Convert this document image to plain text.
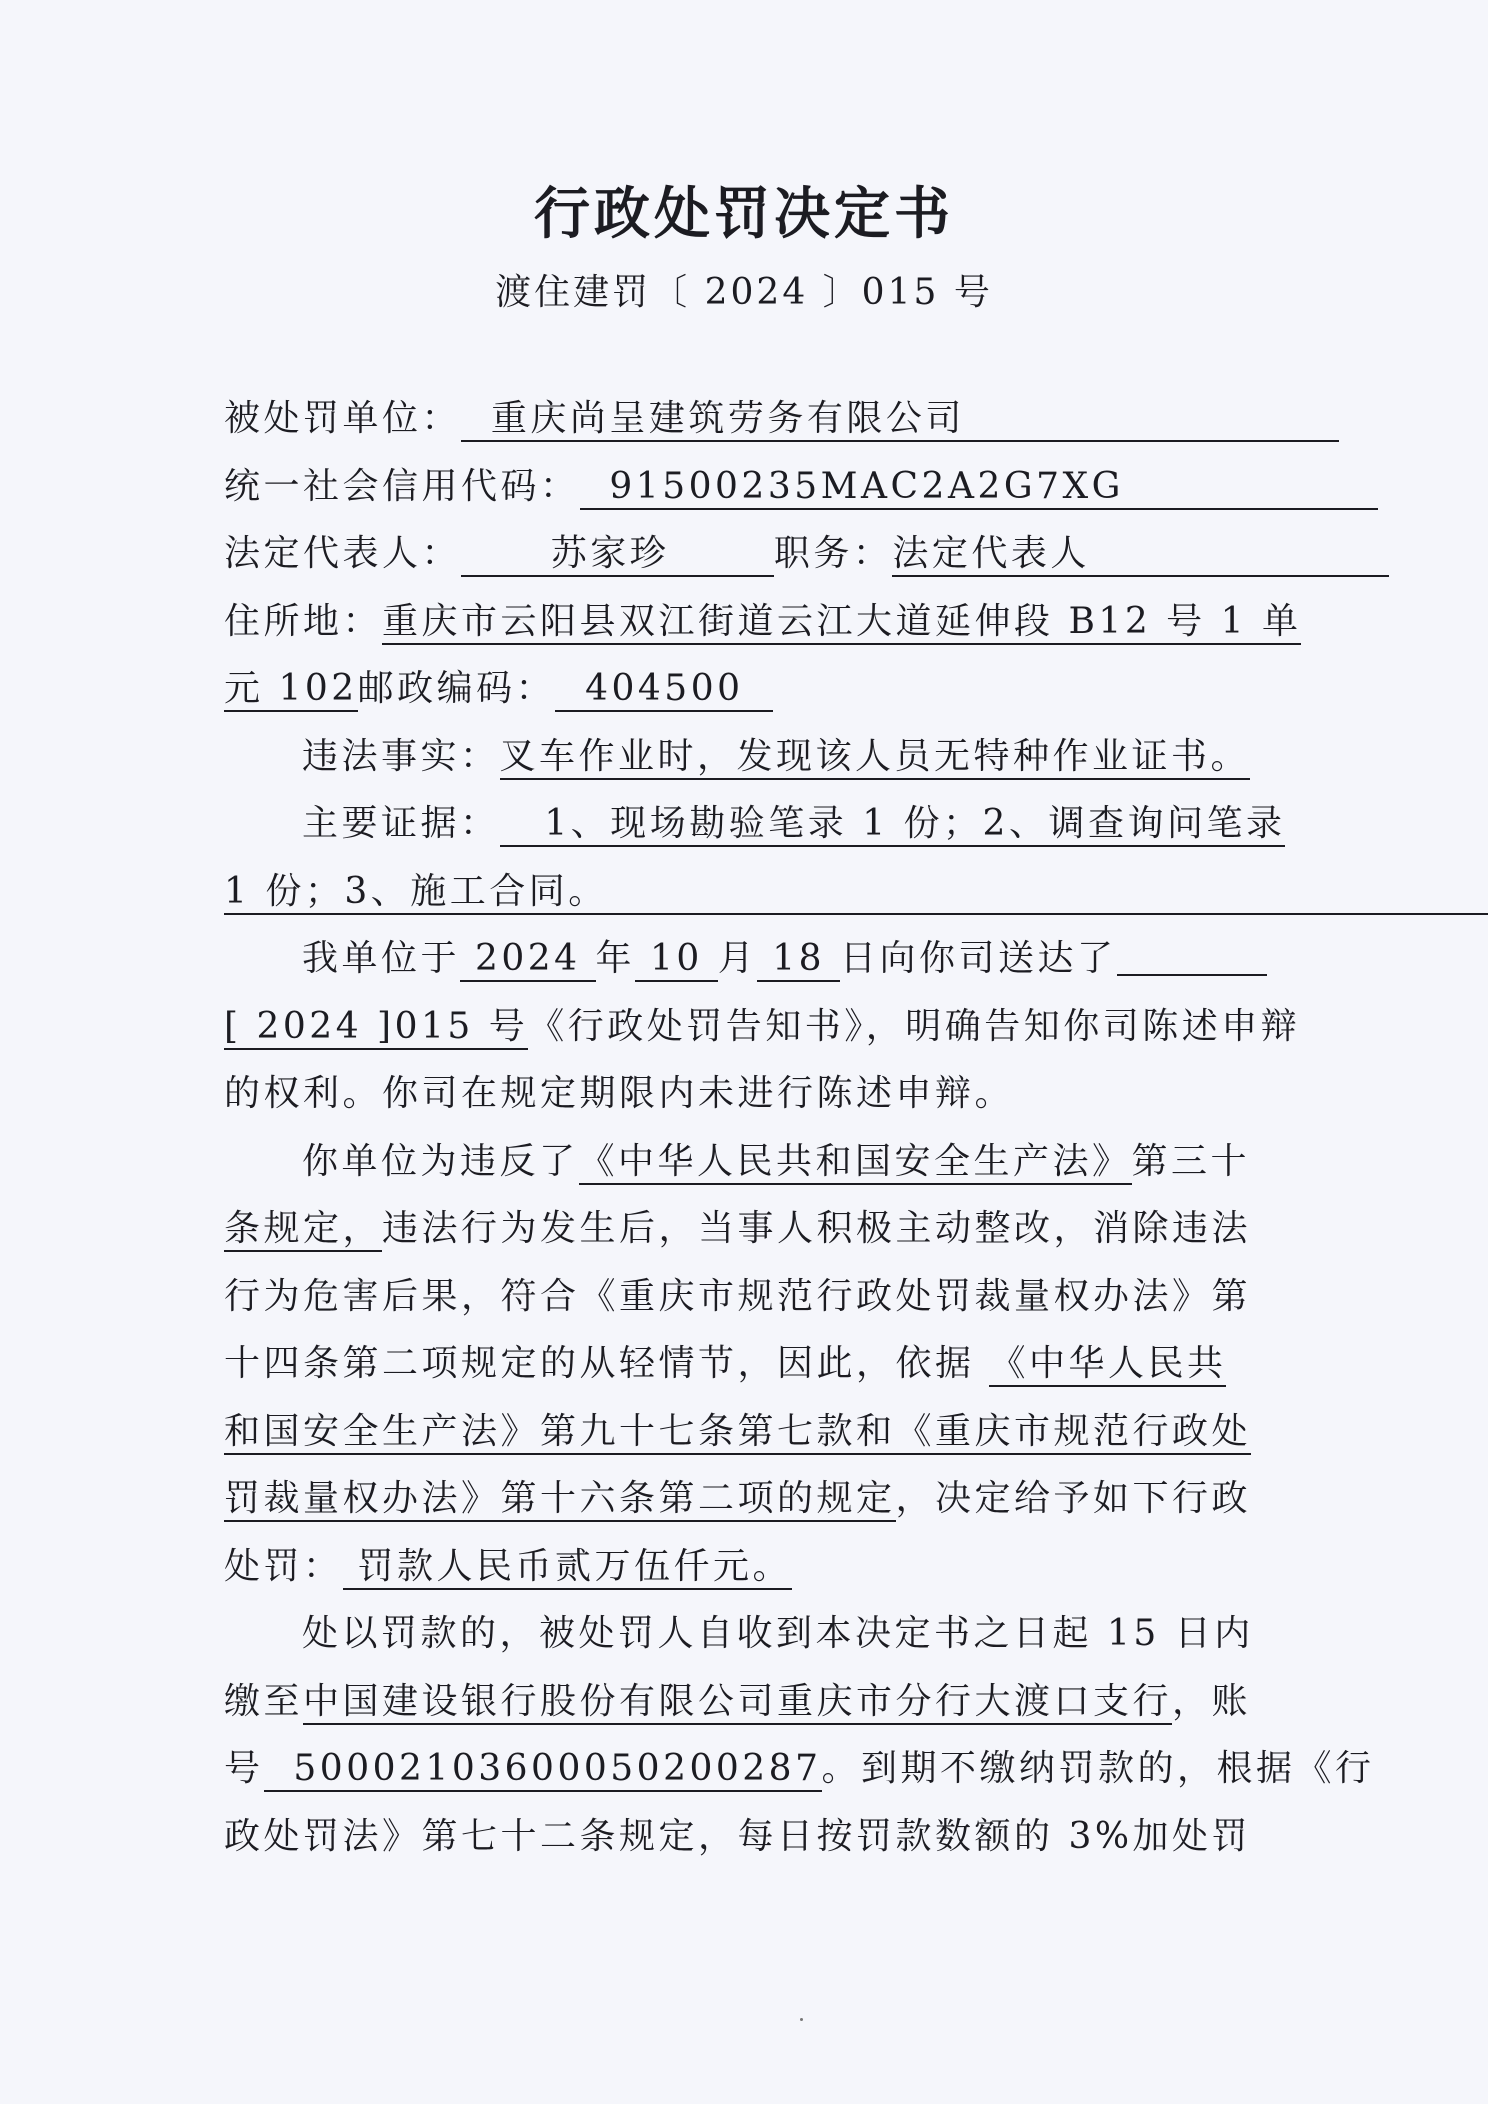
行政处罚决定书
渡住建罚〔 2024 〕015 号
被处罚单位： 重庆尚呈建筑劳务有限公司
统一社会信用代码： 91500235MAC2A2G7XG
法定代表人： 苏家珍	职务：法定代表人
住所地：重庆市云阳县双江街道云江大道延伸段 B12 号 1 单
元 102邮政编码： 404500
违法事实：叉车作业时，发现该人员无特种作业证书。
主要证据： 1、现场勘验笔录 1 份；2、调查询问笔录
1 份；3、施工合同。
我单位于 2024 年 10 月 18 日向你司送达了
[ 2024 ]015 号《行政处罚告知书》，明确告知你司陈述申辩
的权利。你司在规定期限内未进行陈述申辩。
你单位为违反了《中华人民共和国安全生产法》第三十
条规定，违法行为发生后，当事人积极主动整改，消除违法
行为危害后果，符合《重庆市规范行政处罚裁量权办法》第
十四条第二项规定的从轻情节，因此，依据 《中华人民共
和国安全生产法》第九十七条第七款和《重庆市规范行政处
罚裁量权办法》第十六条第二项的规定，决定给予如下行政
处罚： 罚款人民币贰万伍仟元。
处以罚款的，被处罚人自收到本决定书之日起 15 日内
缴至中国建设银行股份有限公司重庆市分行大渡口支行，账
号 50002103600050200287。到期不缴纳罚款的，根据《行
政处罚法》第七十二条规定，每日按罚款数额的 3%加处罚
